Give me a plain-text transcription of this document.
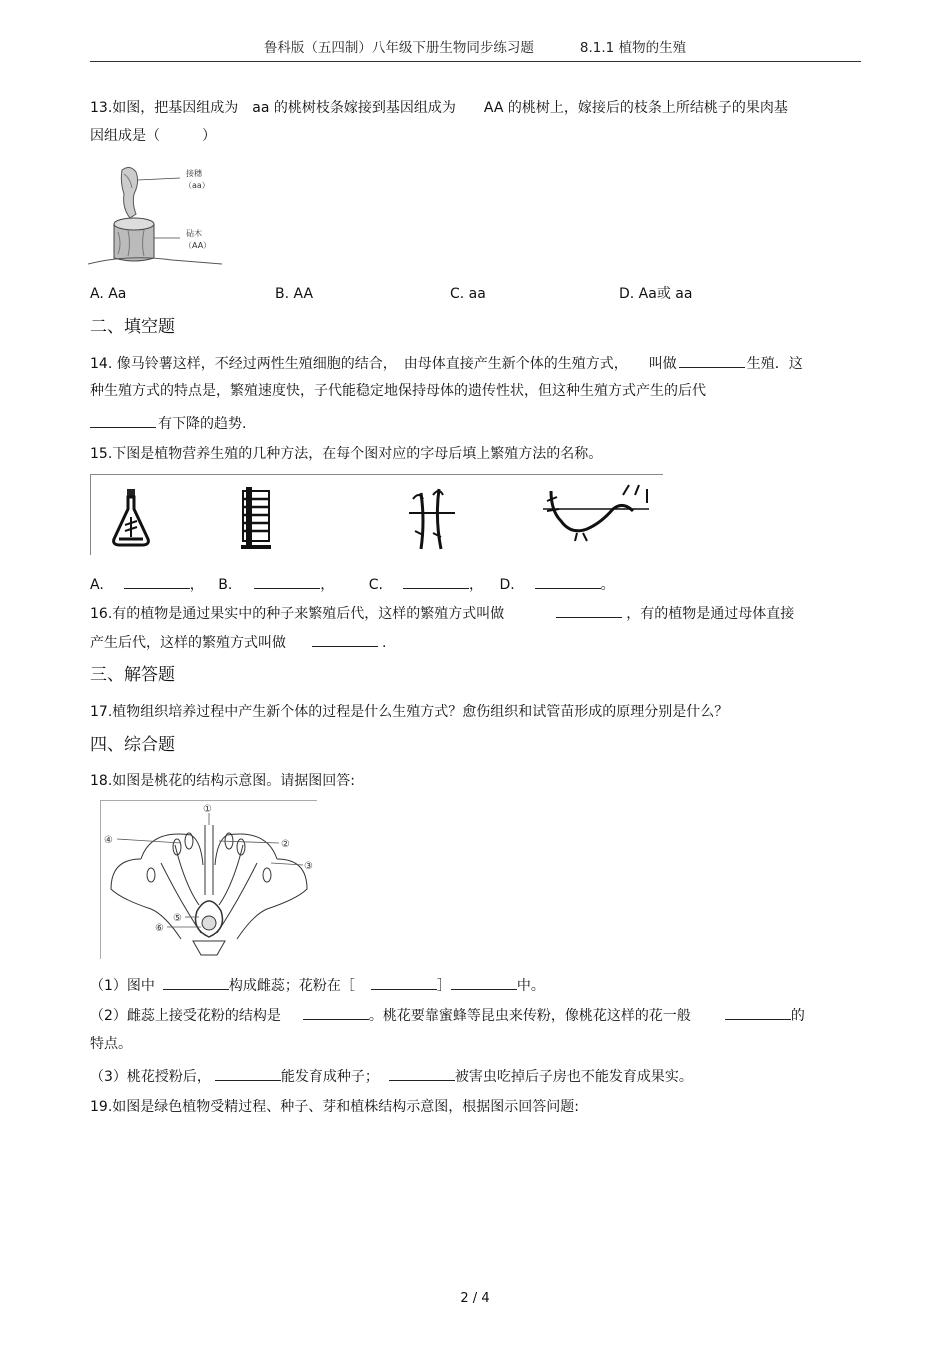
鲁科版（五四制）八年级下册生物同步练习题	8.1.1 植物的生殖
13.如图，把基因组成为　aa 的桃树枝条嫁接到基因组成为　　AA 的桃树上，嫁接后的枝条上所结桃子的果肉基
因组成是（　　　）
接穗
（aa）
砧木
（AA）
A. Aa	B. AA	C. aa	D. Aa或 aa
二、填空题
14. 像马铃薯这样，不经过两性生殖细胞的结合，　由母体直接产生新个体的生殖方式，　　叫做	生殖．这
种生殖方式的特点是，繁殖速度快，子代能稳定地保持母体的遗传性状，但这种生殖方式产生的后代
有下降的趋势.
15.下图是植物营养生殖的几种方法，在每个图对应的字母后填上繁殖方法的名称。
A.	， B.	， C.	， D.	。
16.有的植物是通过果实中的种子来繁殖后代，这样的繁殖方式叫做	，有的植物是通过母体直接
产生后代，这样的繁殖方式叫做	.
三、解答题
17.植物组织培养过程中产生新个体的过程是什么生殖方式？愈伤组织和试管苗形成的原理分别是什么？
四、综合题
18.如图是桃花的结构示意图。请据图回答:
①
②
③
④
⑤
⑥
（1）图中	构成雌蕊；花粉在［	］	中。
（2）雌蕊上接受花粉的结构是	。桃花要靠蜜蜂等昆虫来传粉，像桃花这样的花一般	的
特点。
（3）桃花授粉后，	能发育成种子；	被害虫吃掉后子房也不能发育成果实。
19.如图是绿色植物受精过程、种子、芽和植株结构示意图，根据图示回答问题:
2 / 4
